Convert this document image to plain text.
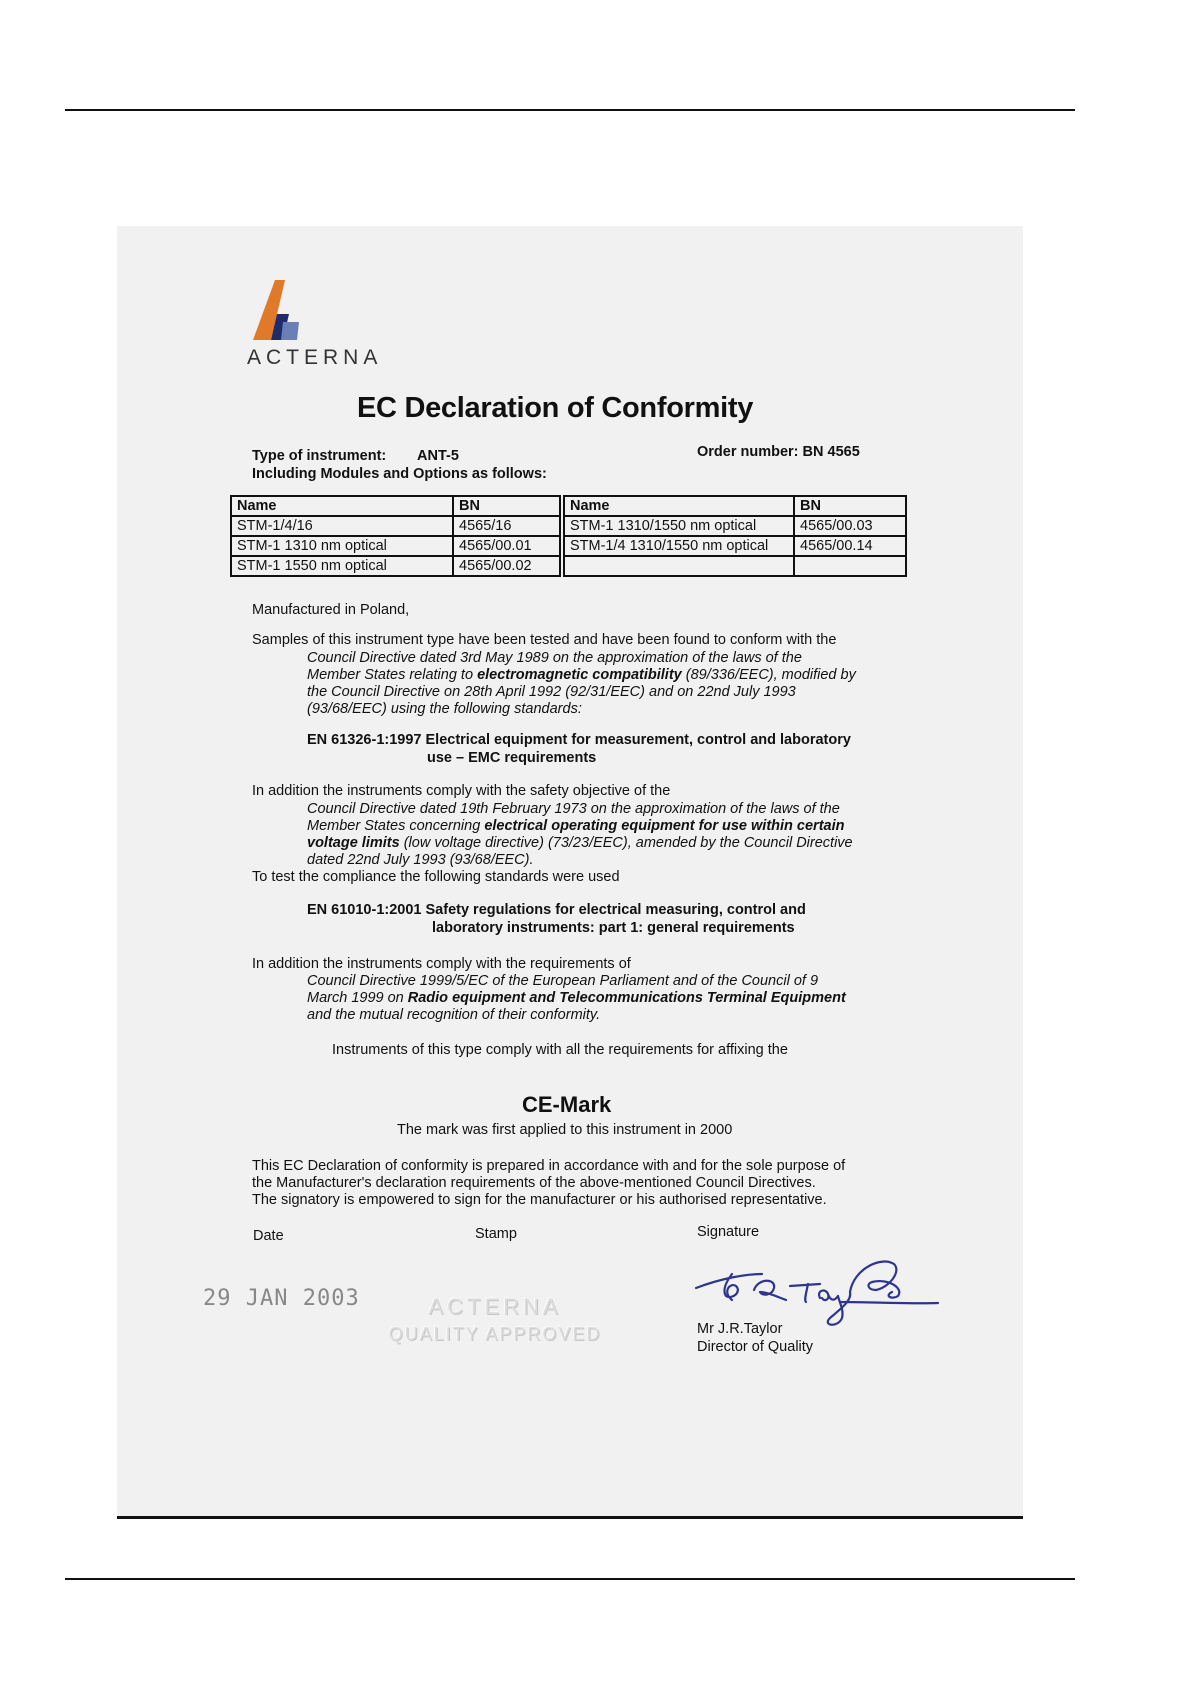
ACTERNA
EC Declaration of Conformity
Type of instrument: ANT-5	Order number: BN 4565
Including Modules and Options as follows:
Name	BN		Name	BN
STM-1/4/16	4565/16		STM-1 1310/1550 nm optical	4565/00.03
STM-1 1310 nm optical	4565/00.01		STM-1/4 1310/1550 nm optical	4565/00.14
STM-1 1550 nm optical	4565/00.02			
Manufactured in Poland,
Samples of this instrument type have been tested and have been found to conform with the
Council Directive dated 3rd May 1989 on the approximation of the laws of the
Member States relating to electromagnetic compatibility (89/336/EEC), modified by
the Council Directive on 28th April 1992 (92/31/EEC) and on 22nd July 1993
(93/68/EEC) using the following standards:
EN 61326-1:1997 Electrical equipment for measurement, control and laboratory
use – EMC requirements
In addition the instruments comply with the safety objective of the
Council Directive dated 19th February 1973 on the approximation of the laws of the
Member States concerning electrical operating equipment for use within certain
voltage limits (low voltage directive) (73/23/EEC), amended by the Council Directive
dated 22nd July 1993 (93/68/EEC).
To test the compliance the following standards were used
EN 61010-1:2001 Safety regulations for electrical measuring, control and
laboratory instruments: part 1: general requirements
In addition the instruments comply with the requirements of
Council Directive 1999/5/EC of the European Parliament and of the Council of 9
March 1999 on Radio equipment and Telecommunications Terminal Equipment
and the mutual recognition of their conformity.
Instruments of this type comply with all the requirements for affixing the
CE-Mark
The mark was first applied to this instrument in 2000
This EC Declaration of conformity is prepared in accordance with and for the sole purpose of
the Manufacturer's declaration requirements of the above-mentioned Council Directives.
The signatory is empowered to sign for the manufacturer or his authorised representative.
Date	Stamp	Signature
29 JAN 2003	ACTERNA
QUALITY APPROVED	Mr J.R.Taylor
Director of Quality
